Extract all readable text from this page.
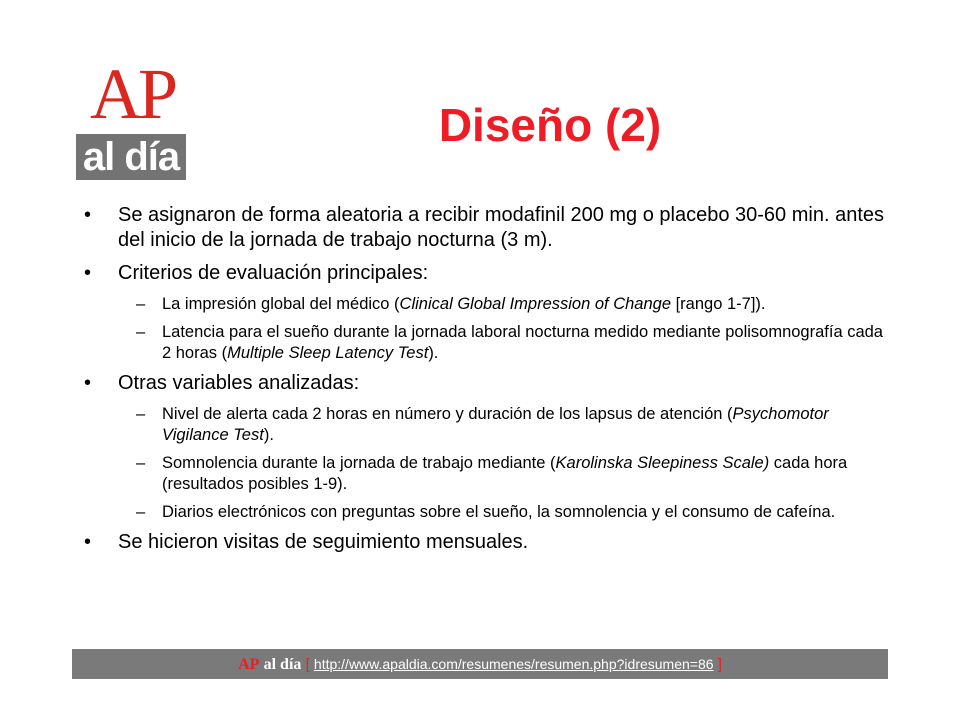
AP
al día
Diseño (2)
• Se asignaron de forma aleatoria a recibir modafinil 200 mg o placebo 30-60 min. antes del inicio de la jornada de trabajo nocturna (3 m).
• Criterios de evaluación principales:
– La impresión global del médico (Clinical Global Impression of Change [rango 1-7]).
– Latencia para el sueño durante la jornada laboral nocturna medido mediante polisomnografía cada 2 horas (Multiple Sleep Latency Test).
• Otras variables analizadas:
– Nivel de alerta cada 2 horas en número y duración de los lapsus de atención (Psychomotor Vigilance Test).
– Somnolencia durante la jornada de trabajo mediante (Karolinska Sleepiness Scale) cada hora (resultados posibles 1-9).
– Diarios electrónicos con preguntas sobre el sueño, la somnolencia y el consumo de cafeína.
• Se hicieron visitas de seguimiento mensuales.
AP al día [ http://www.apaldia.com/resumenes/resumen.php?idresumen=86 ]
